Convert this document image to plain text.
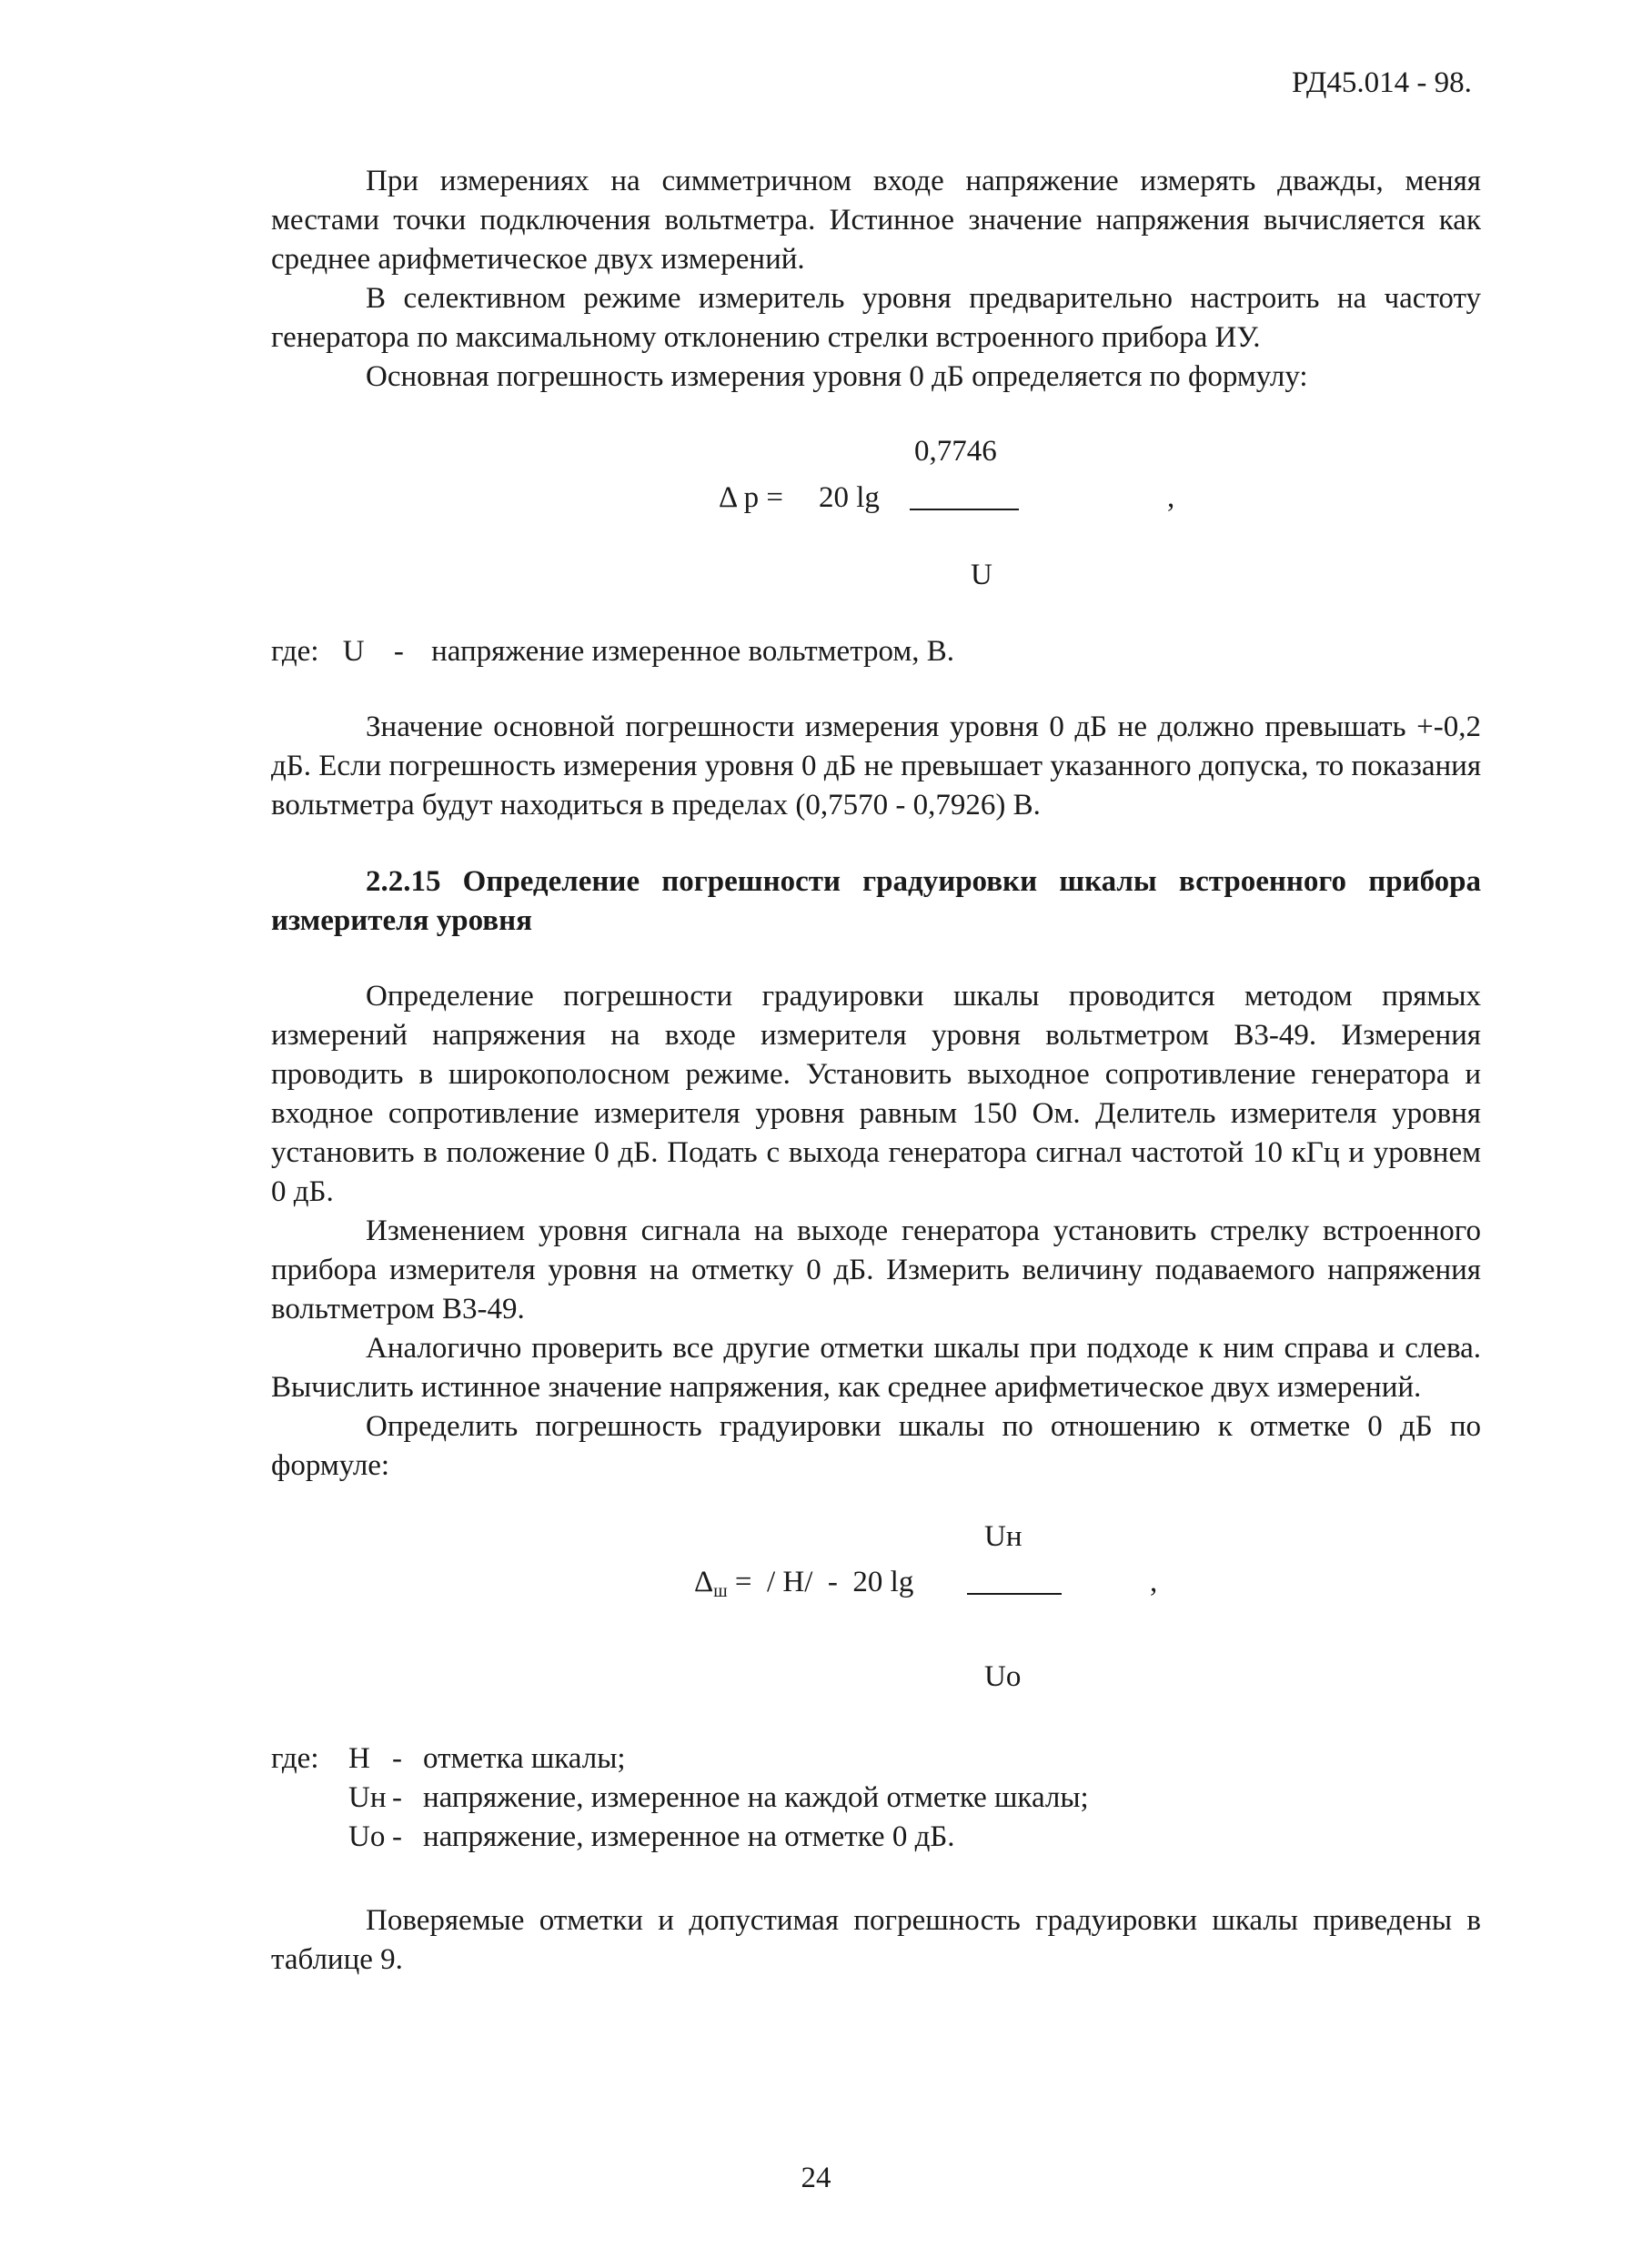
РД45.014 - 98.

При измерениях на симметричном входе напряжение измерять дважды, меняя местами точки подключения вольтметра. Истинное значение напряжения вычисляется как среднее арифметическое двух измерений.

В селективном режиме измеритель уровня предварительно настроить на частоту генератора по максимальному отклонению стрелки встроенного прибора ИУ.

Основная погрешность измерения уровня 0 дБ определяется по формулу:

0,7746
Δ р = 20 lg	,
U
где: U - напряжение измеренное вольтметром, В.

Значение основной погрешности измерения уровня 0 дБ не должно превышать +-0,2 дБ. Если погрешность измерения уровня 0 дБ не превышает указанного допуска, то показания вольтметра будут находиться в пределах (0,7570 - 0,7926) В.

2.2.15 Определение погрешности градуировки шкалы встроенного прибора измерителя уровня

Определение погрешности градуировки шкалы проводится методом прямых измерений напряжения на входе измерителя уровня вольтметром В3-49. Измерения проводить в широкополосном режиме. Установить выходное сопротивление генератора и входное сопротивление измерителя уровня равным 150 Ом. Делитель измерителя уровня установить в положение 0 дБ. Подать с выхода генератора сигнал частотой 10 кГц и уровнем 0 дБ.

Изменением уровня сигнала на выходе генератора установить стрелку встроенного прибора измерителя уровня на отметку 0 дБ. Измерить величину подаваемого напряжения вольтметром В3-49.

Аналогично проверить все другие отметки шкалы при подходе к ним справа и слева. Вычислить истинное значение напряжения, как среднее арифметическое двух измерений.

Определить погрешность градуировки шкалы по отношению к отметке 0 дБ по формуле:

Uн
$\Delta_ш$ =  / Н/  -  20 lg	,
Uo
где: Н - отметка шкалы;
Uн - напряжение, измеренное на каждой отметке шкалы;
Uo - напряжение, измеренное на отметке 0 дБ.

Поверяемые отметки и допустимая погрешность градуировки шкалы приведены в таблице 9.

24
